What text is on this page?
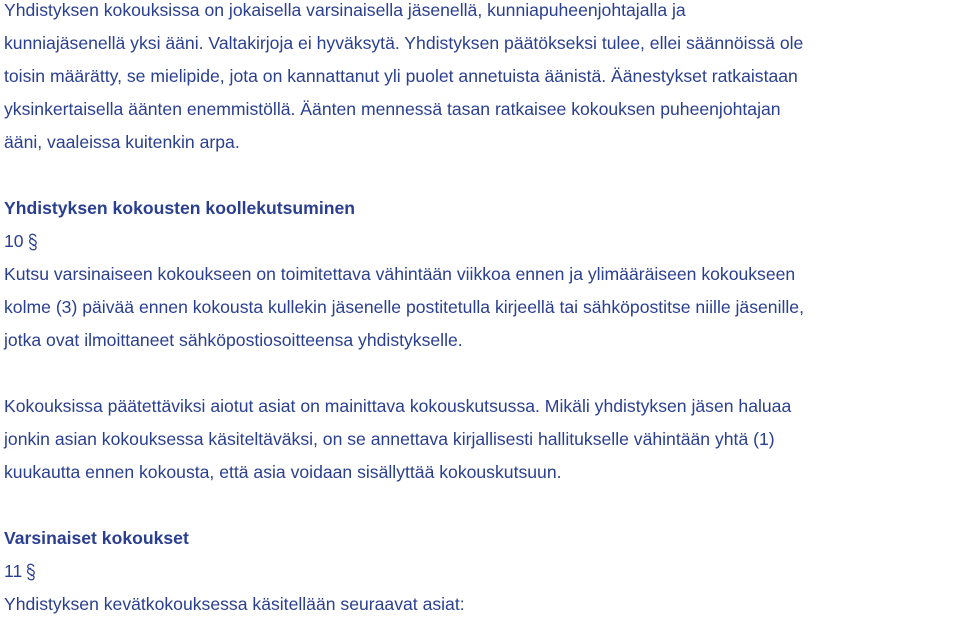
Yhdistyksen kokouksissa on jokaisella varsinaisella jäsenellä, kunniapuheenjohtajalla ja
kunniajäsenellä yksi ääni. Valtakirjoja ei hyväksytä. Yhdistyksen päätökseksi tulee, ellei säännöissä ole
toisin määrätty, se mielipide, jota on kannattanut yli puolet annetuista äänistä. Äänestykset ratkaistaan
yksinkertaisella äänten enemmistöllä. Äänten mennessä tasan ratkaisee kokouksen puheenjohtajan
ääni, vaaleissa kuitenkin arpa.
Yhdistyksen kokousten koollekutsuminen
10
Kutsu varsinaiseen kokoukseen on toimitettava vähintään viikkoa ennen ja ylimääräiseen kokoukseen
kolme (3) päivää ennen kokousta kullekin jäsenelle postitetulla kirjeellä tai sähköpostitse niille jäsenille,
jotka ovat ilmoittaneet sähköpostiosoitteensa yhdistykselle.
Kokouksissa päätettäviksi aiotut asiat on mainittava kokouskutsussa. Mikäli yhdistyksen jäsen haluaa
jonkin asian kokouksessa käsiteltäväksi, on se annettava kirjallisesti hallitukselle vähintään yhtä (1)
kuukautta ennen kokousta, että asia voidaan sisällyttää kokouskutsuun.
Varsinaiset kokoukset
11
Yhdistyksen kevätkokouksessa käsitellään seuraavat asiat:
